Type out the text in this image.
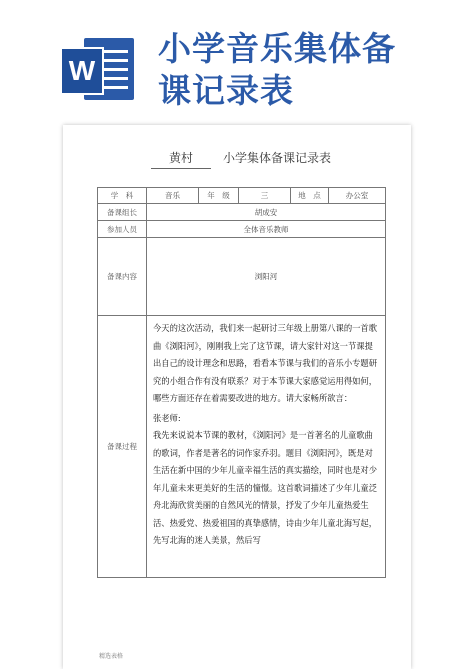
W
小学音乐集体备
课记录表
黄村	小学集体备课记录表
学　科	音乐	年　级	三	地　点	办公室
备课组长	胡成安				
参加人员	全体音乐教师				
备课内容	浏阳河				
备课过程	今天的这次活动，我们来一起研讨三年级上册第八课的一首歌曲《浏阳河》，刚刚我上完了这节课，请大家针对这一节课提出自己的设计理念和思路，看看本节课与我们的音乐小专题研究的小组合作有没有联系？对于本节课大家感觉运用得如何，哪些方面还存在着需要改进的地方。请大家畅所欲言：

张老师:

我先来说说本节课的教材，《浏阳河》是一首著名的儿童歌曲的歌词，作者是著名的词作家乔羽。题目《浏阳河》，既是对生活在新中国的少年儿童幸福生活的真实描绘，同时也是对少年儿童未来更美好的生活的憧憬。这首歌词描述了少年儿童泛舟北海欣赏美丽的自然风光的情景，抒发了少年儿童热爱生活、热爱党、热爱祖国的真挚感情，诗由少年儿童北海写起，先写北海的迷人美景，然后写				

精选表格
